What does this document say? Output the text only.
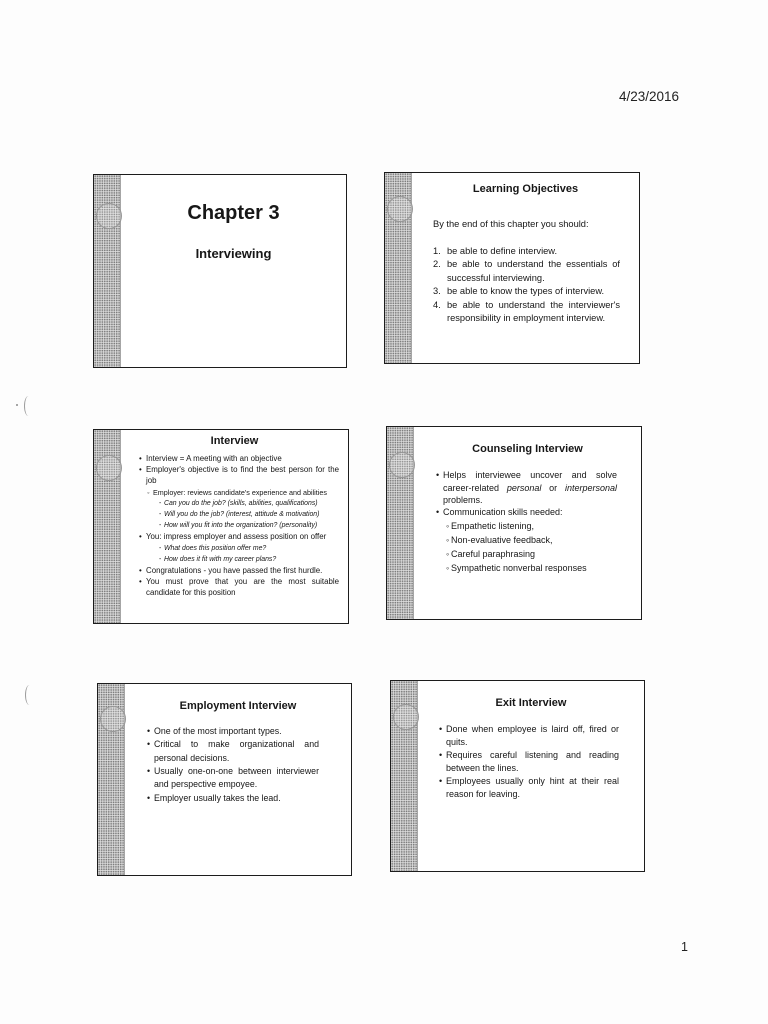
4/23/2016
Chapter 3
Interviewing
Learning Objectives
By the end of this chapter you should:
1. be able to define interview.
2. be able to understand the essentials of successful interviewing.
3. be able to know the types of interview.
4. be able to understand the interviewer's responsibility in employment interview.
Interview
• Interview = A meeting with an objective
• Employer's objective is to find the best person for the job
◦ Employer: reviews candidate's experience and abilities
- Can you do the job? (skills, abilities, qualifications)
- Will you do the job? (interest, attitude & motivation)
- How will you fit into the organization? (personality)
• You: impress employer and assess position on offer
- What does this position offer me?
- How does it fit with my career plans?
• Congratulations - you have passed the first hurdle.
• You must prove that you are the most suitable candidate for this position
Counseling Interview
• Helps interviewee uncover and solve career-related personal or interpersonal problems.
• Communication skills needed:
◦ Empathetic listening,
◦ Non-evaluative feedback,
◦ Careful paraphrasing
◦ Sympathetic nonverbal responses
Employment Interview
• One of the most important types.
• Critical to make organizational and personal decisions.
• Usually one-on-one between interviewer and perspective empoyee.
• Employer usually takes the lead.
Exit Interview
• Done when employee is laird off, fired or quits.
• Requires careful listening and reading between the lines.
• Employees usually only hint at their real reason for leaving.
1
